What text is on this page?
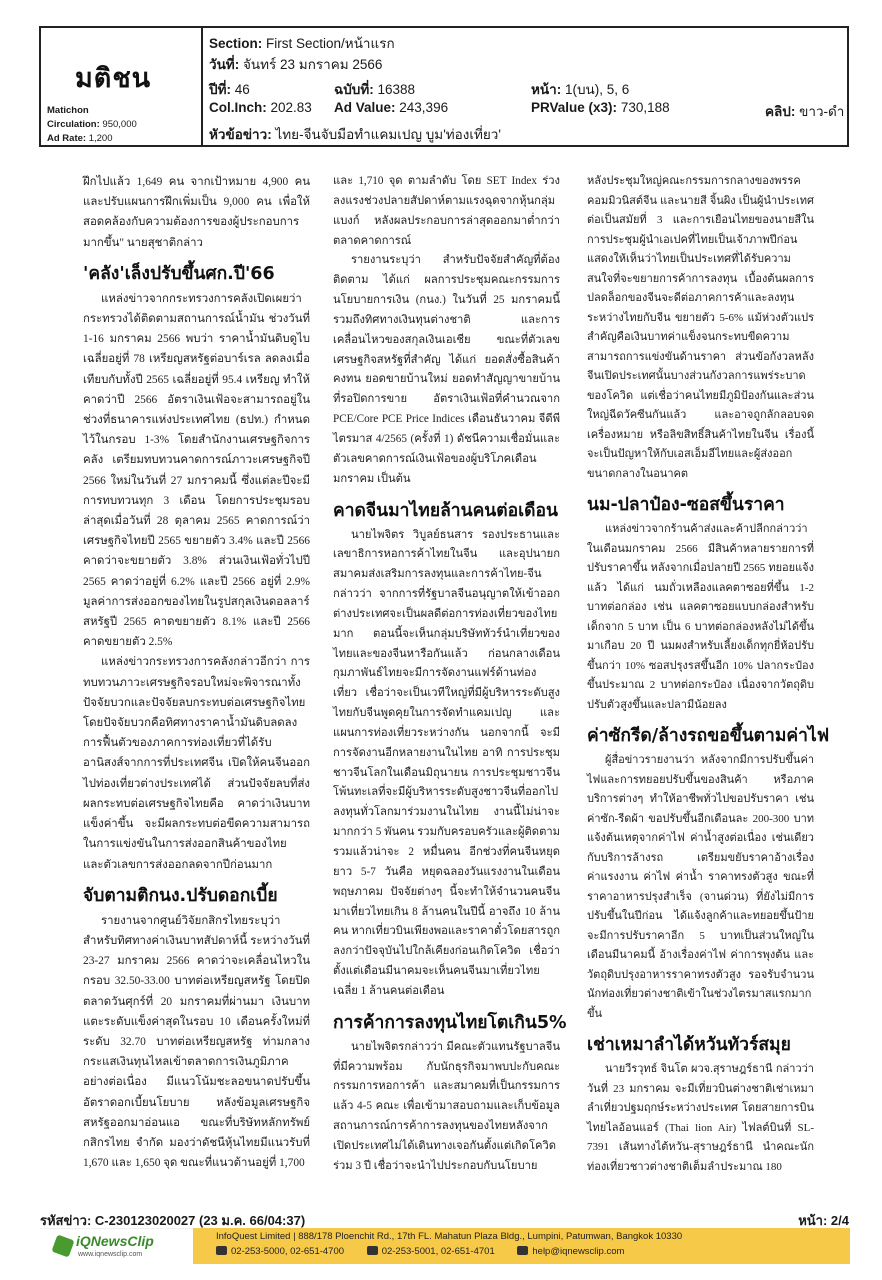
มติชน
Matichon
Circulation: 950,000
Ad Rate: 1,200
Section: First Section/หน้าแรก
วันที่: จันทร์ 23 มกราคม 2566
ปีที่: 46	ฉบับที่: 16388	หน้า: 1(บน), 5, 6
Col.Inch: 202.83 Ad Value: 243,396	PRValue (x3): 730,188	คลิป: ขาว-ดำ
หัวข้อข่าว: ไทย-จีนจับมือทำแคมเปญ บูม'ท่องเที่ยว'

ฝึกไปแล้ว 1,649 คน จากเป้าหมาย 4,900 คน และปรับแผนการฝึกเพิ่มเป็น 9,000 คน เพื่อให้สอดคล้องกับความต้องการของผู้ประกอบการมากขึ้น" นายสุชาติกล่าว

'คลัง'เล็งปรับขึ้นศก.ปี'66

แหล่งข่าวจากกระทรวงการคลังเปิดเผยว่า กระทรวงได้ติดตามสถานการณ์น้ำมัน ช่วงวันที่ 1-16 มกราคม 2566 พบว่า ราคาน้ำมันดิบดูไบเฉลี่ยอยู่ที่ 78 เหรียญสหรัฐต่อบาร์เรล ลดลงเมื่อเทียบกับทั้งปี 2565 เฉลี่ยอยู่ที่ 95.4 เหรียญ ทำให้คาดว่าปี 2566 อัตราเงินเฟ้อจะสามารถอยู่ในช่วงที่ธนาคารแห่งประเทศไทย (ธปท.) กำหนดไว้ในกรอบ 1-3% โดยสำนักงานเศรษฐกิจการคลัง เตรียมทบทวนคาดการณ์ภาวะเศรษฐกิจปี 2566 ใหม่ในวันที่ 27 มกราคมนี้ ซึ่งแต่ละปีจะมีการทบทวนทุก 3 เดือน โดยการประชุมรอบล่าสุดเมื่อวันที่ 28 ตุลาคม 2565 คาดการณ์ว่าเศรษฐกิจไทยปี 2565 ขยายตัว 3.4% และปี 2566 คาดว่าจะขยายตัว 3.8% ส่วนเงินเฟ้อทั่วไปปี 2565 คาดว่าอยู่ที่ 6.2% และปี 2566 อยู่ที่ 2.9% มูลค่าการส่งออกของไทยในรูปสกุลเงินดอลลาร์สหรัฐปี 2565 คาดขยายตัว 8.1% และปี 2566 คาดขยายตัว 2.5%

แหล่งข่าวกระทรวงการคลังกล่าวอีกว่า การทบทวนภาวะเศรษฐกิจรอบใหม่จะพิจารณาทั้งปัจจัยบวกและปัจจัยลบกระทบต่อเศรษฐกิจไทย โดยปัจจัยบวกคือทิศทางราคาน้ำมันดิบลดลง การฟื้นตัวของภาคการท่องเที่ยวที่ได้รับอานิสงส์จากการที่ประเทศจีน เปิดให้คนจีนออกไปท่องเที่ยวต่างประเทศได้ ส่วนปัจจัยลบที่ส่งผลกระทบต่อเศรษฐกิจไทยคือ คาดว่าเงินบาทแข็งค่าขึ้น จะมีผลกระทบต่อขีดความสามารถในการแข่งขันในการส่งออกสินค้าของไทย และตัวเลขการส่งออกลดจากปีก่อนมาก

จับตามติกนง.ปรับดอกเบี้ย

รายงานจากศูนย์วิจัยกสิกรไทยระบุว่า สำหรับทิศทางค่าเงินบาทสัปดาห์นี้ ระหว่างวันที่ 23-27 มกราคม 2566 คาดว่าจะเคลื่อนไหวในกรอบ 32.50-33.00 บาทต่อเหรียญสหรัฐ โดยปิดตลาดวันศุกร์ที่ 20 มกราคมที่ผ่านมา เงินบาทแตะระดับแข็งค่าสุดในรอบ 10 เดือนครั้งใหม่ที่ระดับ 32.70 บาทต่อเหรียญสหรัฐ ท่ามกลางกระแสเงินทุนไหลเข้าตลาดการเงินภูมิภาคอย่างต่อเนื่อง มีแนวโน้มชะลอขนาดปรับขึ้นอัตราดอกเบี้ยนโยบาย หลังข้อมูลเศรษฐกิจสหรัฐออกมาอ่อนแอ ขณะที่บริษัทหลักทรัพย์กสิกรไทย จำกัด มองว่าดัชนีหุ้นไทยมีแนวรับที่ 1,670 และ 1,650 จุด ขณะที่แนวต้านอยู่ที่ 1,700

และ 1,710 จุด ตามลำดับ โดย SET Index ร่วงลงแรงช่วงปลายสัปดาห์ตามแรงฉุดจากหุ้นกลุ่มแบงก์ หลังผลประกอบการล่าสุดออกมาต่ำกว่าตลาดคาดการณ์

รายงานระบุว่า สำหรับปัจจัยสำคัญที่ต้องติดตาม ได้แก่ ผลการประชุมคณะกรรมการนโยบายการเงิน (กนง.) ในวันที่ 25 มกราคมนี้ รวมถึงทิศทางเงินทุนต่างชาติ และการเคลื่อนไหวของสกุลเงินเอเชีย ขณะที่ตัวเลขเศรษฐกิจสหรัฐที่สำคัญ ได้แก่ ยอดสั่งซื้อสินค้าคงทน ยอดขายบ้านใหม่ ยอดทำสัญญาขายบ้านที่รอปิดการขาย อัตราเงินเฟ้อที่คำนวณจาก PCE/Core PCE Price Indices เดือนธันวาคม จีดีพีไตรมาส 4/2565 (ครั้งที่ 1) ดัชนีความเชื่อมั่นและตัวเลขคาดการณ์เงินเฟ้อของผู้บริโภคเดือนมกราคม เป็นต้น

คาดจีนมาไทยล้านคนต่อเดือน

นายไพจิตร วิบูลย์ธนสาร รองประธานและเลขาธิการหอการค้าไทยในจีน และอุปนายกสมาคมส่งเสริมการลงทุนและการค้าไทย-จีน กล่าวว่า จากการที่รัฐบาลจีนอนุญาตให้เข้าออกต่างประเทศจะเป็นผลดีต่อการท่องเที่ยวของไทยมาก ตอนนี้จะเห็นกลุ่มบริษัททัวร์นำเที่ยวของไทยและของจีนหารือกันแล้ว ก่อนกลางเดือนกุมภาพันธ์ไทยจะมีการจัดงานแฟร์ด้านท่องเที่ยว เชื่อว่าจะเป็นเวทีใหญ่ที่มีผู้บริหารระดับสูงไทยกับจีนพูดคุยในการจัดทำแคมเปญ และแผนการท่องเที่ยวระหว่างกัน นอกจากนี้ จะมีการจัดงานอีกหลายงานในไทย อาทิ การประชุมชาวจีนโลกในเดือนมิถุนายน การประชุมชาวจีนโพ้นทะเลที่จะมีผู้บริหารระดับสูงชาวจีนที่ออกไปลงทุนทั่วโลกมาร่วมงานในไทย งานนี้ไม่น่าจะมากกว่า 5 พันคน รวมกับครอบครัวและผู้ติดตาม รวมแล้วน่าจะ 2 หมื่นคน อีกช่วงที่คนจีนหยุดยาว 5-7 วันคือ หยุดฉลองวันแรงงานในเดือนพฤษภาคม ปัจจัยต่างๆ นี้จะทำให้จำนวนคนจีนมาเที่ยวไทยเกิน 8 ล้านคนในปีนี้ อาจถึง 10 ล้านคน หากเที่ยวบินเพียงพอและราคาตั๋วโดยสารถูกลงกว่าปัจจุบันไปใกล้เคียงก่อนเกิดโควิด เชื่อว่าตั้งแต่เดือนมีนาคมจะเห็นคนจีนมาเที่ยวไทยเฉลี่ย 1 ล้านคนต่อเดือน

การค้าการลงทุนไทยโตเกิน5%

นายไพจิตรกล่าวว่า มีคณะตัวแทนรัฐบาลจีนที่มีความพร้อม กับนักธุรกิจมาพบปะกับคณะกรรมการหอการค้า และสมาคมที่เป็นกรรมการแล้ว 4-5 คณะ เพื่อเข้ามาสอบถามและเก็บข้อมูลสถานการณ์การค้าการลงทุนของไทยหลังจากเปิดประเทศไม่ได้เดินทางเจอกันตั้งแต่เกิดโควิดร่วม 3 ปี เชื่อว่าจะนำไปประกอบกับนโยบาย

หลังประชุมใหญ่คณะกรรมการกลางของพรรคคอมมิวนิสต์จีน และนายสี จิ้นผิง เป็นผู้นำประเทศต่อเป็นสมัยที่ 3 และการเยือนไทยของนายสีในการประชุมผู้นำเอเปคที่ไทยเป็นเจ้าภาพปีก่อน แสดงให้เห็นว่าไทยเป็นประเทศที่ได้รับความสนใจที่จะขยายการค้าการลงทุน เบื้องต้นผลการปลดล็อกของจีนจะดีต่อภาคการค้าและลงทุนระหว่างไทยกับจีน ขยายตัว 5-6% แม้ห่วงตัวแปรสำคัญคือเงินบาทค่าแข็งจนกระทบขีดความสามารถการแข่งขันด้านราคา ส่วนข้อกังวลหลังจีนเปิดประเทศนั้นบางส่วนกังวลการแพร่ระบาดของโควิด แต่เชื่อว่าคนไทยมีภูมิป้องกันและส่วนใหญ่ฉีดวัคซีนกันแล้ว และอาจถูกลักลอบจดเครื่องหมาย หรือลิขสิทธิ์สินค้าไทยในจีน เรื่องนี้จะเป็นปัญหาให้กับเอสเอ็มอีไทยและผู้ส่งออกขนาดกลางในอนาคต

นม-ปลาป๋อง-ซอสขึ้นราคา

แหล่งข่าวจากร้านค้าส่งและค้าปลีกกล่าวว่า ในเดือนมกราคม 2566 มีสินค้าหลายรายการที่ปรับราคาขึ้น หลังจากเมื่อปลายปี 2565 ทยอยแจ้งแล้ว ได้แก่ นมถั่วเหลืองแลคตาซอยที่ขึ้น 1-2 บาทต่อกล่อง เช่น แลคตาซอยแบบกล่องสำหรับเด็กจาก 5 บาท เป็น 6 บาทต่อกล่องหลังไม่ได้ขึ้นมาเกือบ 20 ปี นมผงสำหรับเลี้ยงเด็กทุกยี่ห้อปรับขึ้นกว่า 10% ซอสปรุงรสขึ้นอีก 10% ปลากระป๋องขึ้นประมาณ 2 บาทต่อกระป๋อง เนื่องจากวัตถุดิบปรับตัวสูงขึ้นและปลามีน้อยลง

ค่าซักรีด/ล้างรถขอขึ้นตามค่าไฟ

ผู้สื่อข่าวรายงานว่า หลังจากมีการปรับขึ้นค่าไฟและการทยอยปรับขึ้นของสินค้า หรือภาคบริการต่างๆ ทำให้อาชีพทั่วไปขอปรับราคา เช่น ค่าซัก-รีดผ้า ขอปรับขึ้นอีกเดือนละ 200-300 บาท แจ้งต้นเหตุจากค่าไฟ ค่าน้ำสูงต่อเนื่อง เช่นเดียวกับบริการล้างรถ เตรียมขยับราคาอ้างเรื่องค่าแรงงาน ค่าไฟ ค่าน้ำ ราคาทรงตัวสูง ขณะที่ราคาอาหารปรุงสำเร็จ (จานด่วน) ที่ยังไม่มีการปรับขึ้นในปีก่อน ได้แจ้งลูกค้าและทยอยขึ้นป้ายจะมีการปรับราคาอีก 5 บาทเป็นส่วนใหญ่ในเดือนมีนาคมนี้ อ้างเรื่องค่าไฟ ค่าการพุงต้น และวัตถุดิบปรุงอาหารราคาทรงตัวสูง รอจรับจำนวนนักท่องเที่ยวต่างชาติเข้าในช่วงไตรมาสแรกมากขึ้น

เช่าเหมาลำได้หวันทัวร์สมุย

นายวีรวุทธ์ จินโต ผวจ.สุราษฎร์ธานี กล่าวว่า วันที่ 23 มกราคม จะมีเที่ยวบินต่างชาติเช่าเหมาลำเที่ยวปฐมฤกษ์ระหว่างประเทศ โดยสายการบินไทยไลอ้อนแอร์ (Thai lion Air) ไฟลต์บินที่ SL-7391 เส้นทางไต้หวัน-สุราษฎร์ธานี นำคณะนักท่องเที่ยวชาวต่างชาติเต็มลำประมาณ 180

รหัสข่าว: C-230123020027 (23 ม.ค. 66/04:37)	หน้า: 2/4
iQNewsClip
www.iqnewsclip.com
InfoQuest Limited | 888/178 Ploenchit Rd., 17th FL. Mahatun Plaza Bldg., Lumpini, Patumwan, Bangkok 10330
02-253-5000, 02-651-4700	02-253-5001, 02-651-4701	help@iqnewsclip.com
